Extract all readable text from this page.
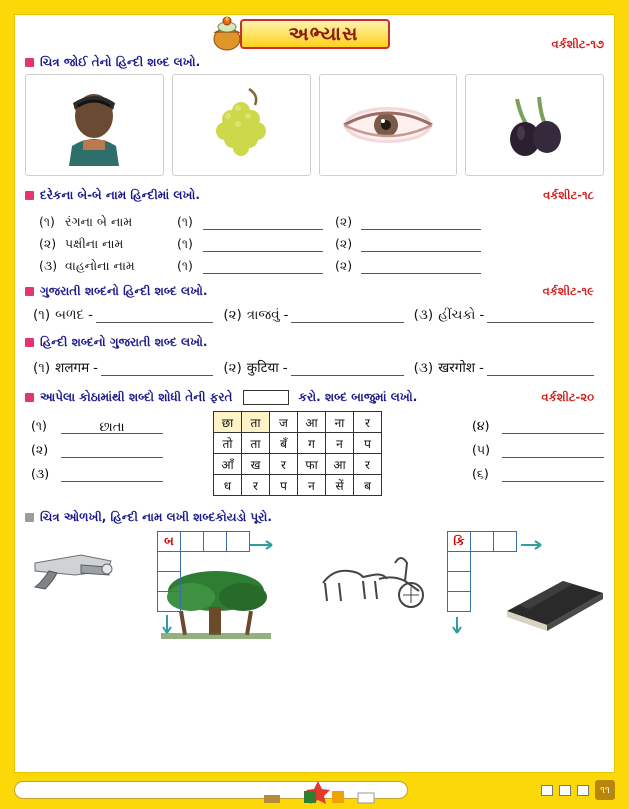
અભ્યાસ	વર્કશીટ-૧૭
ચિત્ર જોઈ તેનો હિન્દી શબ્દ લખો.
દરેકના બે-બે નામ હિન્દીમાં લખો.	વર્કશીટ-૧૮
(૧) રંગના બે નામ	(૧)	(૨)
(૨) પક્ષીના નામ	(૧)	(૨)
(૩) વાહનોના નામ	(૧)	(૨)
ગુજરાતી શબ્દનો હિન્દી શબ્દ લખો.	વર્કશીટ-૧૯
(૧) બળદ -	(૨) ત્રાજવું -	(૩) હીંચકો -
હિન્દી શબ્દનો ગુજરાતી શબ્દ લખો.
(૧) शलगम -	(૨) कुटिया -	(૩) खरगोश -
આપેલા કોઠામાંથી શબ્દો શોધી તેની ફરતે	કરો. શબ્દ બાજુમાં લખો.	વર્કશીટ-૨૦
(૧)	છાતા
(૨)
(૩)
छा	ता	ज	आ	ना	र
तो	ता	बँ	ग	न	प
आँ	ख	र	फा	आ	र
ध	र	प	न	सें	ब
(૪)
(૫)
(૬)
ચિત્ર ઓળખી, હિન્દી નામ લખી શબ્દકોયડો પૂરો.
બ				કિ		

૧૧
